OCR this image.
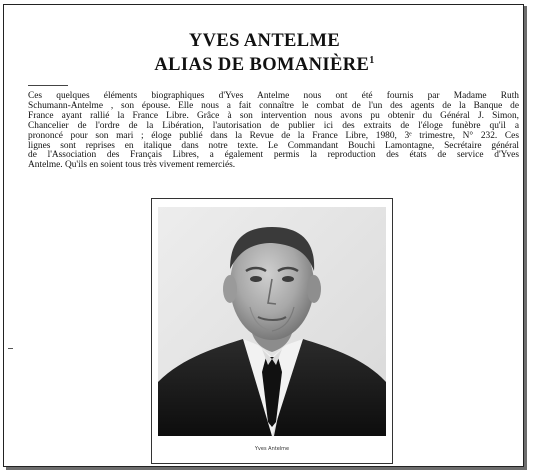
YVES ANTELME
ALIAS DE BOMANIÈRE$^1$
Ces quelques éléments biographiques d'Yves Antelme nous ont été fournis par Madame Ruth
Schumann-Antelme , son épouse. Elle nous a fait connaître le combat de l'un des agents de la Banque de
France ayant rallié la France Libre. Grâce à son intervention nous avons pu obtenir du Général J. Simon,
Chancelier de l'ordre de la Libération, l'autorisation de publier ici des extraits de l'éloge funèbre qu'il a
prononcé pour son mari ; éloge publié dans la Revue de la France Libre, 1980, 3ᵉ trimestre, N° 232. Ces
lignes sont reprises en italique dans notre texte. Le Commandant Bouchi Lamontagne, Secrétaire général
de l'Association des Français Libres, a également permis la reproduction des états de service d'Yves
Antelme. Qu'ils en soient tous très vivement remerciés.
Yves Antelme
